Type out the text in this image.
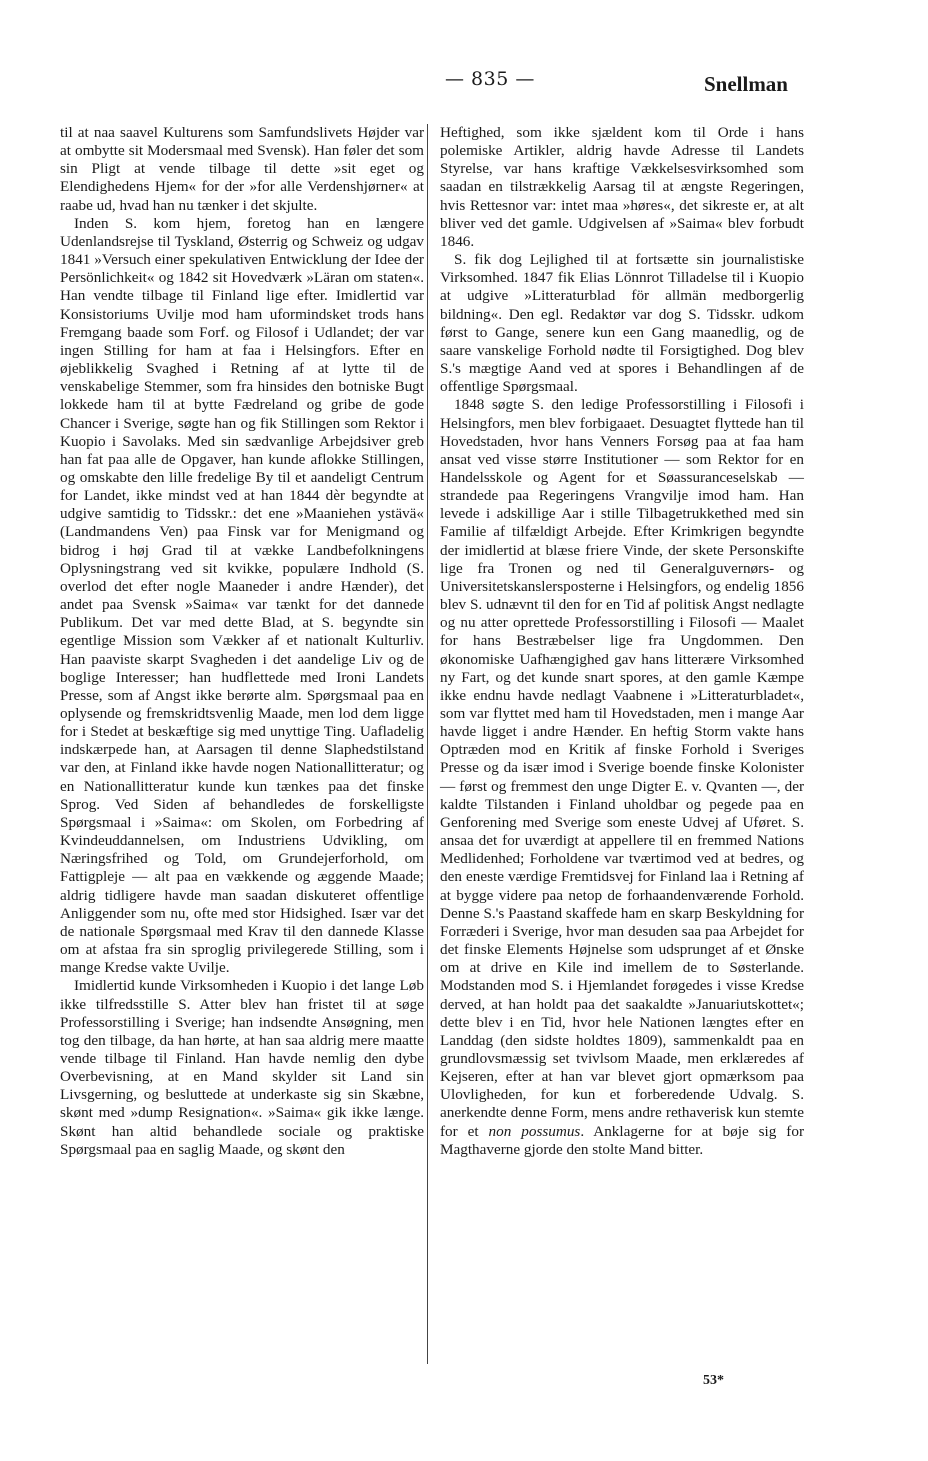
— 835 —	Snellman

til at naa saavel Kulturens som Samfundslivets Højder var at ombytte sit Modersmaal med Svensk). Han føler det som sin Pligt at vende tilbage til dette »sit eget og Elendighedens Hjem« for der »for alle Verdenshjørner« at raabe ud, hvad han nu tænker i det skjulte.

Inden S. kom hjem, foretog han en længere Udenlandsrejse til Tyskland, Østerrig og Schweiz og udgav 1841 »Versuch einer spekulativen Entwicklung der Idee der Persönlichkeit« og 1842 sit Hovedværk »Läran om staten«. Han vendte tilbage til Finland lige efter. Imidlertid var Konsistoriums Uvilje mod ham uformindsket trods hans Fremgang baade som Forf. og Filosof i Udlandet; der var ingen Stilling for ham at faa i Helsingfors. Efter en øjeblikkelig Svaghed i Retning af at lytte til de venskabelige Stemmer, som fra hinsides den botniske Bugt lokkede ham til at bytte Fædreland og gribe de gode Chancer i Sverige, søgte han og fik Stillingen som Rektor i Kuopio i Savolaks. Med sin sædvanlige Arbejdsiver greb han fat paa alle de Opgaver, han kunde aflokke Stillingen, og omskabte den lille fredelige By til et aandeligt Centrum for Landet, ikke mindst ved at han 1844 dèr begyndte at udgive samtidig to Tidsskr.: det ene »Maaniehen ystävä« (Landmandens Ven) paa Finsk var for Menigmand og bidrog i høj Grad til at vække Landbefolkningens Oplysningstrang ved sit kvikke, populære Indhold (S. overlod det efter nogle Maaneder i andre Hænder), det andet paa Svensk »Saima« var tænkt for det dannede Publikum. Det var med dette Blad, at S. begyndte sin egentlige Mission som Vækker af et nationalt Kulturliv. Han paaviste skarpt Svagheden i det aandelige Liv og de boglige Interesser; han hudflettede med Ironi Landets Presse, som af Angst ikke berørte alm. Spørgsmaal paa en oplysende og fremskridtsvenlig Maade, men lod dem ligge for i Stedet at beskæftige sig med unyttige Ting. Uafladelig indskærpede han, at Aarsagen til denne Slaphedstilstand var den, at Finland ikke havde nogen Nationallitteratur; og en Nationallitteratur kunde kun tænkes paa det finske Sprog. Ved Siden af behandledes de forskelligste Spørgsmaal i »Saima«: om Skolen, om Forbedring af Kvindeuddannelsen, om Industriens Udvikling, om Næringsfrihed og Told, om Grundejerforhold, om Fattigpleje — alt paa en vækkende og æggende Maade; aldrig tidligere havde man saadan diskuteret offentlige Anliggender som nu, ofte med stor Hidsighed. Især var det de nationale Spørgsmaal med Krav til den dannede Klasse om at afstaa fra sin sproglig privilegerede Stilling, som i mange Kredse vakte Uvilje.

Imidlertid kunde Virksomheden i Kuopio i det lange Løb ikke tilfredsstille S. Atter blev han fristet til at søge Professorstilling i Sverige; han indsendte Ansøgning, men tog den tilbage, da han hørte, at han saa aldrig mere maatte vende tilbage til Finland. Han havde nemlig den dybe Overbevisning, at en Mand skylder sit Land sin Livsgerning, og besluttede at underkaste sig sin Skæbne, skønt med »dump Resignation«. »Saima« gik ikke længe. Skønt han altid behandlede sociale og praktiske Spørgsmaal paa en saglig Maade, og skønt den

Heftighed, som ikke sjældent kom til Orde i hans polemiske Artikler, aldrig havde Adresse til Landets Styrelse, var hans kraftige Vækkelsesvirksomhed som saadan en tilstrækkelig Aarsag til at ængste Regeringen, hvis Rettesnor var: intet maa »høres«, det sikreste er, at alt bliver ved det gamle. Udgivelsen af »Saima« blev forbudt 1846.

S. fik dog Lejlighed til at fortsætte sin journalistiske Virksomhed. 1847 fik Elias Lönnrot Tilladelse til i Kuopio at udgive »Litteraturblad för allmän medborgerlig bildning«. Den egl. Redaktør var dog S. Tidsskr. udkom først to Gange, senere kun een Gang maanedlig, og de saare vanskelige Forhold nødte til Forsigtighed. Dog blev S.'s mægtige Aand ved at spores i Behandlingen af de offentlige Spørgsmaal.

1848 søgte S. den ledige Professorstilling i Filosofi i Helsingfors, men blev forbigaaet. Desuagtet flyttede han til Hovedstaden, hvor hans Venners Forsøg paa at faa ham ansat ved visse større Institutioner — som Rektor for en Handelsskole og Agent for et Søassuranceselskab — strandede paa Regeringens Vrangvilje imod ham. Han levede i adskillige Aar i stille Tilbagetrukkethed med sin Familie af tilfældigt Arbejde. Efter Krimkrigen begyndte der imidlertid at blæse friere Vinde, der skete Personskifte lige fra Tronen og ned til Generalguvernørs- og Universitetskanslersposterne i Helsingfors, og endelig 1856 blev S. udnævnt til den for en Tid af politisk Angst nedlagte og nu atter oprettede Professorstilling i Filosofi — Maalet for hans Bestræbelser lige fra Ungdommen. Den økonomiske Uafhængighed gav hans litterære Virksomhed ny Fart, og det kunde snart spores, at den gamle Kæmpe ikke endnu havde nedlagt Vaabnene i »Litteraturbladet«, som var flyttet med ham til Hovedstaden, men i mange Aar havde ligget i andre Hænder. En heftig Storm vakte hans Optræden mod en Kritik af finske Forhold i Sveriges Presse og da især imod i Sverige boende finske Kolonister — først og fremmest den unge Digter E. v. Qvanten —, der kaldte Tilstanden i Finland uholdbar og pegede paa en Genforening med Sverige som eneste Udvej af Uføret. S. ansaa det for uværdigt at appellere til en fremmed Nations Medlidenhed; Forholdene var tværtimod ved at bedres, og den eneste værdige Fremtidsvej for Finland laa i Retning af at bygge videre paa netop de forhaandenværende Forhold. Denne S.'s Paastand skaffede ham en skarp Beskyldning for Forræderi i Sverige, hvor man desuden saa paa Arbejdet for det finske Elements Højnelse som udsprunget af et Ønske om at drive en Kile ind imellem de to Søsterlande. Modstanden mod S. i Hjemlandet forøgedes i visse Kredse derved, at han holdt paa det saakaldte »Januariutskottet«; dette blev i en Tid, hvor hele Nationen længtes efter en Landdag (den sidste holdtes 1809), sammenkaldt paa en grundlovsmæssig set tvivlsom Maade, men erklæredes af Kejseren, efter at han var blevet gjort opmærksom paa Ulovligheden, for kun et forberedende Udvalg. S. anerkendte denne Form, mens andre rethaverisk kun stemte for et non possumus. Anklagerne for at bøje sig for Magthaverne gjorde den stolte Mand bitter.

53*
